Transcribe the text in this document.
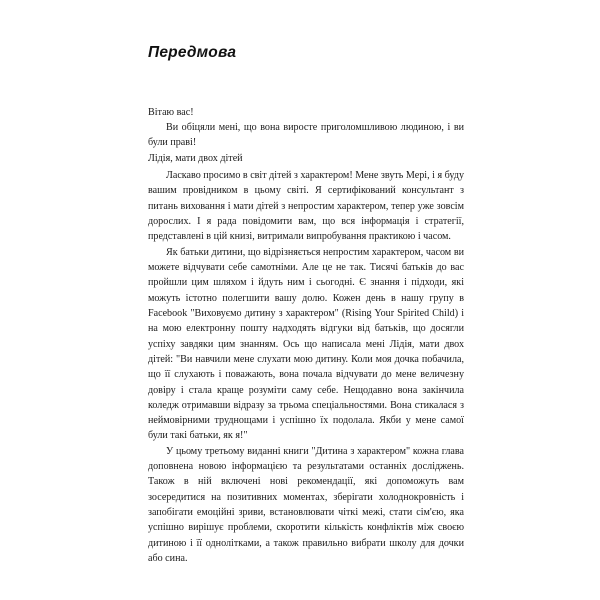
Передмова

Вітаю вас!

Ви обіцяли мені, що вона виросте приголомшливою людиною, і ви були праві!

Лідія, мати двох дітей

Ласкаво просимо в світ дітей з характером! Мене звуть Мері, і я буду вашим провідником в цьому світі. Я сертифікований консультант з питань виховання і мати дітей з непростим характером, тепер уже зовсім дорослих. І я рада повідомити вам, що вся інформація і стратегії, представлені в цій книзі, витримали випробування практикою і часом.

Як батьки дитини, що відрізняється непростим характером, часом ви можете відчувати себе самотніми. Але це не так. Тисячі батьків до вас пройшли цим шляхом і йдуть ним і сьогодні. Є знання і підходи, які можуть істотно полегшити вашу долю. Кожен день в нашу групу в Facebook "Виховуємо дитину з характером" (Rising Your Spirited Child) і на мою електронну пошту надходять відгуки від батьків, що досягли успіху завдяки цим знанням. Ось що написала мені Лідія, мати двох дітей: "Ви навчили мене слухати мою дитину. Коли моя дочка побачила, що її слухають і поважають, вона почала відчувати до мене величезну довіру і стала краще розуміти саму себе. Нещодавно вона закінчила коледж отримавши відразу за трьома спеціальностями. Вона стикалася з неймовірними труднощами і успішно їх подолала. Якби у мене самої були такі батьки, як я!"

У цьому третьому виданні книги "Дитина з характером" кожна глава доповнена новою інформацією та результатами останніх досліджень. Також в ній включені нові рекомендації, які допоможуть вам зосередитися на позитивних моментах, зберігати холоднокровність і запобігати емоційні зриви, встановлювати чіткі межі, стати сім'єю, яка успішно вирішує проблеми, скоротити кількість конфліктів між своєю дитиною і її однолітками, а також правильно вибрати школу для дочки або сина.
